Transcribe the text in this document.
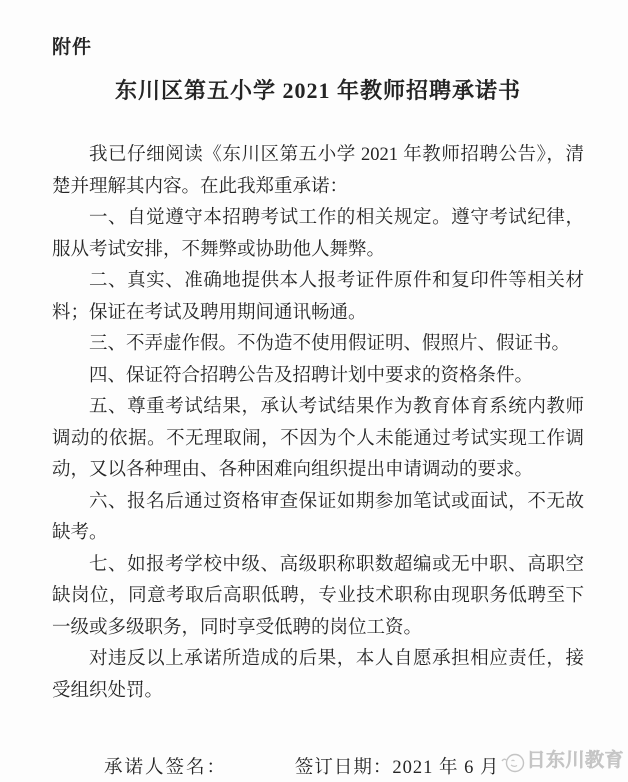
附件
东川区第五小学 2021 年教师招聘承诺书

我已仔细阅读《东川区第五小学 2021 年教师招聘公告》，清楚并理解其内容。在此我郑重承诺：

一、自觉遵守本招聘考试工作的相关规定。遵守考试纪律，服从考试安排，不舞弊或协助他人舞弊。

二、真实、准确地提供本人报考证件原件和复印件等相关材料；保证在考试及聘用期间通讯畅通。

三、不弄虚作假。不伪造不使用假证明、假照片、假证书。

四、保证符合招聘公告及招聘计划中要求的资格条件。

五、尊重考试结果，承认考试结果作为教育体育系统内教师调动的依据。不无理取闹，不因为个人未能通过考试实现工作调动，又以各种理由、各种困难向组织提出申请调动的要求。

六、报名后通过资格审查保证如期参加笔试或面试，不无故缺考。

七、如报考学校中级、高级职称职数超编或无中职、高职空缺岗位，同意考取后高职低聘，专业技术职称由现职务低聘至下一级或多级职务，同时享受低聘的岗位工资。

对违反以上承诺所造成的后果，本人自愿承担相应责任，接受组织处罚。

承诺人签名：	签订日期：2021 年 6 月 日东川教育
